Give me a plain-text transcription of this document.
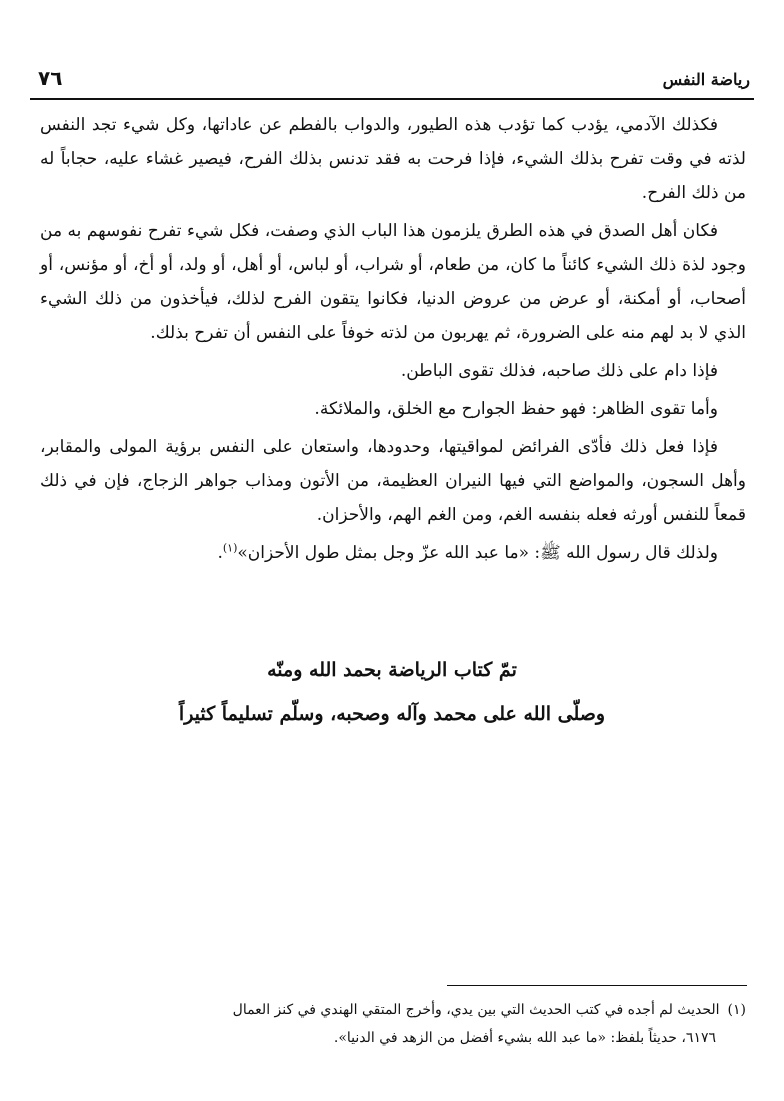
رياضة النفس
٧٦

فكذلك الآدمي، يؤدب كما تؤدب هذه الطيور، والدواب بالفطم عن عاداتها، وكل شيء تجد النفس لذته في وقت تفرح بذلك الشيء، فإذا فرحت به فقد تدنس بذلك الفرح، فيصير غشاء عليه، حجاباً له من ذلك الفرح.

فكان أهل الصدق في هذه الطرق يلزمون هذا الباب الذي وصفت، فكل شيء تفرح نفوسهم به من وجود لذة ذلك الشيء كائناً ما كان، من طعام، أو شراب، أو لباس، أو أهل، أو ولد، أو أخ، أو مؤنس، أو أصحاب، أو أمكنة، أو عرض من عروض الدنيا، فكانوا يتقون الفرح لذلك، فيأخذون من ذلك الشيء الذي لا بد لهم منه على الضرورة، ثم يهربون من لذته خوفاً على النفس أن تفرح بذلك.

فإذا دام على ذلك صاحبه، فذلك تقوى الباطن.

وأما تقوى الظاهر: فهو حفظ الجوارح مع الخلق، والملائكة.

فإذا فعل ذلك فأدّى الفرائض لمواقيتها، وحدودها، واستعان على النفس برؤية المولى والمقابر، وأهل السجون، والمواضع التي فيها النيران العظيمة، من الأتون ومذاب جواهر الزجاج، فإن في ذلك قمعاً للنفس أورثه فعله بنفسه الغم، ومن الغم الهم، والأحزان.

ولذلك قال رسول الله ﷺ: «ما عبد الله عزّ وجل بمثل طول الأحزان»$^{(١)}$.

تمّ كتاب الرياضة بحمد الله ومنّه
وصلّى الله على محمد وآله وصحبه، وسلّم تسليماً كثيراً
(١)الحديث لم أجده في كتب الحديث التي بين يدي، وأخرج المتقي الهندي في كنز العمال
٦١٧٦، حديثاً بلفظ: «ما عبد الله بشيء أفضل من الزهد في الدنيا».
